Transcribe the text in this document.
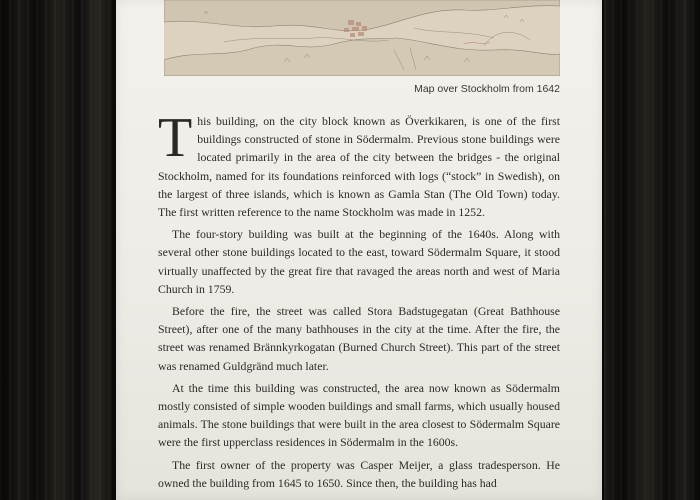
Map over Stockholm from 1642

This building, on the city block known as Överkikaren, is one of the first buildings constructed of stone in Södermalm. Previous stone buildings were located primarily in the area of the city between the bridges - the original Stockholm, named for its foundations reinforced with logs (“stock” in Swedish), on the largest of three islands, which is known as Gamla Stan (The Old Town) today. The first written reference to the name Stockholm was made in 1252.

The four-story building was built at the beginning of the 1640s. Along with several other stone buildings located to the east, toward Södermalm Square, it stood virtually unaffected by the great fire that ravaged the areas north and west of Maria Church in 1759.

Before the fire, the street was called Stora Badstugegatan (Great Bathhouse Street), after one of the many bathhouses in the city at the time. After the fire, the street was renamed Brännkyrkogatan (Burned Church Street). This part of the street was renamed Guldgränd much later.

At the time this building was constructed, the area now known as Södermalm mostly consisted of simple wooden buildings and small farms, which usually housed animals. The stone buildings that were built in the area closest to Södermalm Square were the first upperclass residences in Södermalm in the 1600s.

The first owner of the property was Casper Meijer, a glass tradesperson. He owned the building from 1645 to 1650. Since then, the building has had
